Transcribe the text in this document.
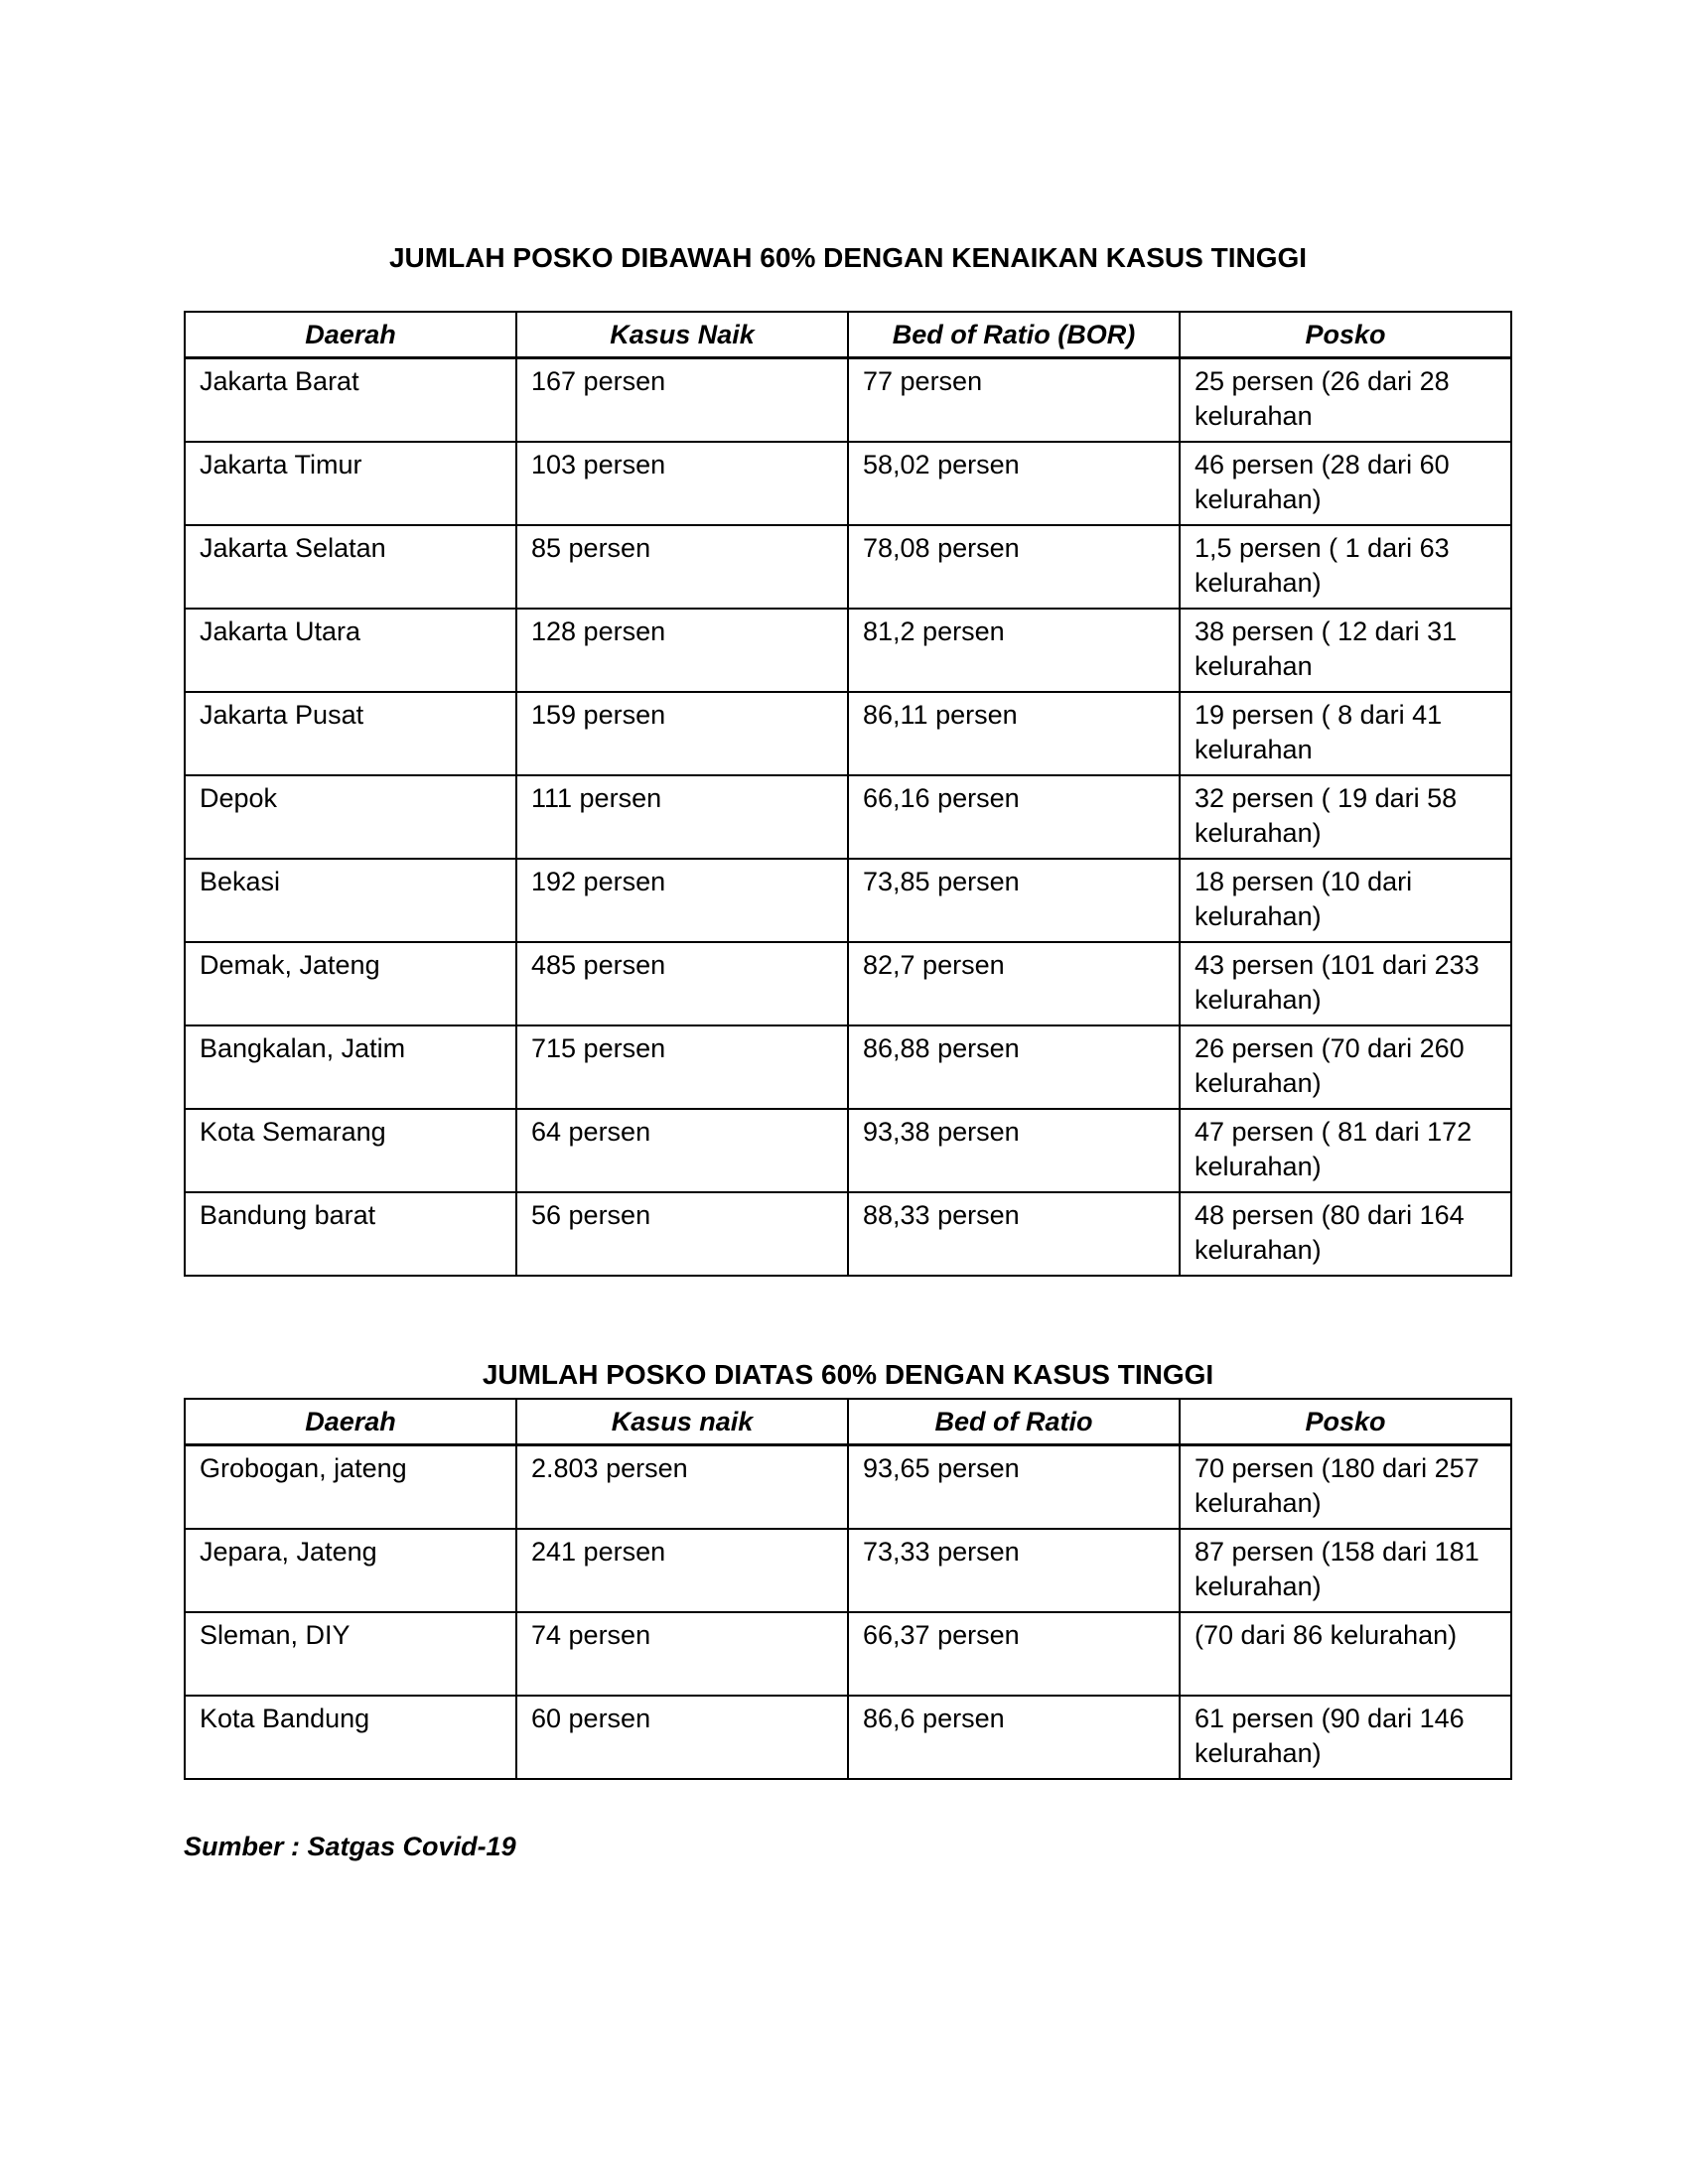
JUMLAH POSKO DIBAWAH 60% DENGAN KENAIKAN KASUS TINGGI
Daerah	Kasus Naik	Bed of Ratio (BOR)	Posko
Jakarta Barat	167 persen	77 persen	25 persen (26 dari 28 kelurahan
Jakarta Timur	103 persen	58,02 persen	46 persen (28 dari 60 kelurahan)
Jakarta Selatan	85 persen	78,08 persen	1,5 persen ( 1 dari 63 kelurahan)
Jakarta Utara	128 persen	81,2 persen	38 persen ( 12 dari 31 kelurahan
Jakarta Pusat	159 persen	86,11 persen	19 persen ( 8 dari 41 kelurahan
Depok	111 persen	66,16 persen	32 persen ( 19 dari 58 kelurahan)
Bekasi	192 persen	73,85 persen	18 persen (10 dari kelurahan)
Demak, Jateng	485 persen	82,7 persen	43 persen (101 dari 233 kelurahan)
Bangkalan, Jatim	715 persen	86,88 persen	26 persen (70 dari 260 kelurahan)
Kota Semarang	64 persen	93,38 persen	47 persen ( 81 dari 172 kelurahan)
Bandung barat	56 persen	88,33 persen	48 persen (80 dari 164 kelurahan)
JUMLAH POSKO DIATAS 60% DENGAN KASUS TINGGI
Daerah	Kasus naik	Bed of Ratio	Posko
Grobogan, jateng	2.803 persen	93,65 persen	70 persen (180 dari 257 kelurahan)
Jepara, Jateng	241 persen	73,33 persen	87 persen (158 dari 181 kelurahan)
Sleman, DIY	74 persen	66,37 persen	(70 dari 86 kelurahan)
Kota Bandung	60 persen	86,6 persen	61 persen (90 dari 146 kelurahan)
Sumber : Satgas Covid-19
